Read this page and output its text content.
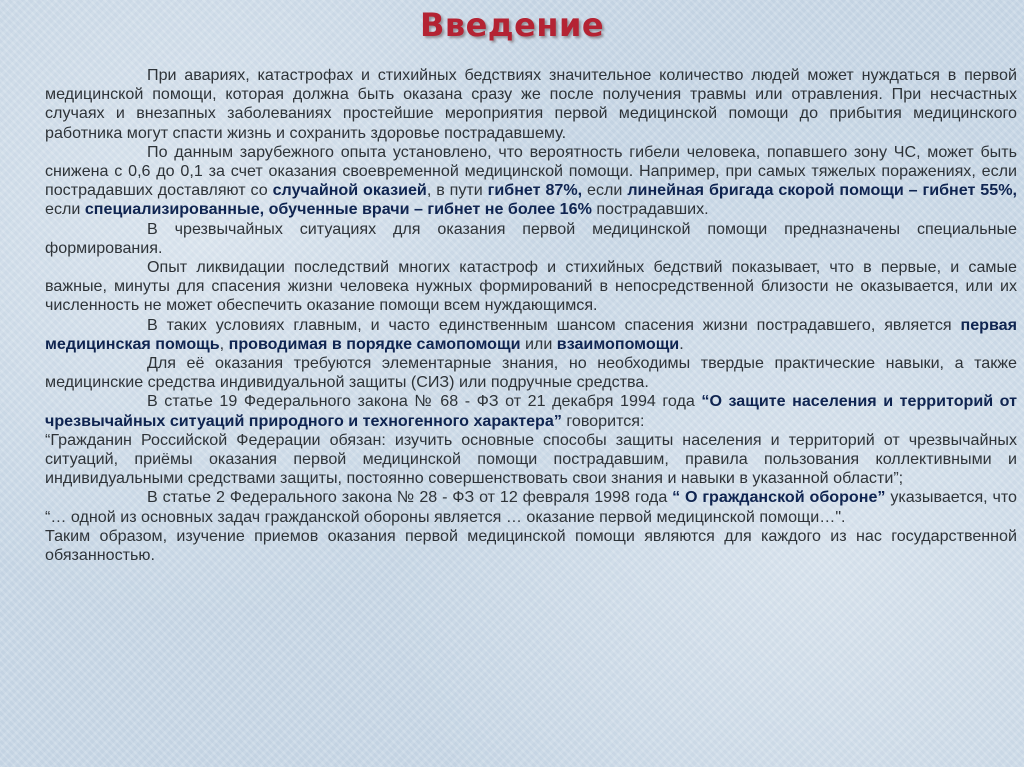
Введение

При авариях, катастрофах и стихийных бедствиях значительное количество людей может нуждаться в первой медицинской помощи, которая должна быть оказана сразу же после получения травмы или отравления. При несчастных случаях и внезапных заболеваниях простейшие мероприятия первой медицинской помощи до прибытия медицинского работника могут спасти жизнь и сохранить здоровье пострадавшему.

По данным зарубежного опыта установлено, что вероятность гибели человека, попавшего зону ЧС, может быть снижена с 0,6 до 0,1 за счет оказания своевременной медицинской помощи. Например, при самых тяжелых поражениях, если пострадавших доставляют со случайной оказией, в пути гибнет 87%, если линейная бригада скорой помощи – гибнет 55%, если специализированные, обученные врачи – гибнет не более 16% пострадавших.

В чрезвычайных ситуациях для оказания первой медицинской помощи предназначены специальные формирования.

Опыт ликвидации последствий многих катастроф и стихийных бедствий показывает, что в первые, и самые важные, минуты для спасения жизни человека нужных формирований в непосредственной близости не оказывается, или их численность не может обеспечить оказание помощи всем нуждающимся.

В таких условиях главным, и часто единственным шансом спасения жизни пострадавшего, является первая медицинская помощь, проводимая в порядке самопомощи или взаимопомощи.

Для её оказания требуются элементарные знания, но необходимы твердые практические навыки, а также медицинские средства индивидуальной защиты (СИЗ) или подручные средства.

В статье 19 Федерального закона № 68 - ФЗ от 21 декабря 1994 года “О защите населения и территорий от чрезвычайных ситуаций природного и техногенного характера” говорится:

“Гражданин Российской Федерации обязан: изучить основные способы защиты населения и территорий от чрезвычайных ситуаций, приёмы оказания первой медицинской помощи пострадавшим, правила пользования коллективными и индивидуальными средствами защиты, постоянно совершенствовать свои знания и навыки в указанной области”;

В статье 2 Федерального закона № 28 - ФЗ от 12 февраля 1998 года “ О гражданской обороне” указывается, что “… одной из основных задач гражданской обороны является … оказание первой медицинской помощи…".

Таким образом, изучение приемов оказания первой медицинской помощи являются для каждого из нас государственной обязанностью.
